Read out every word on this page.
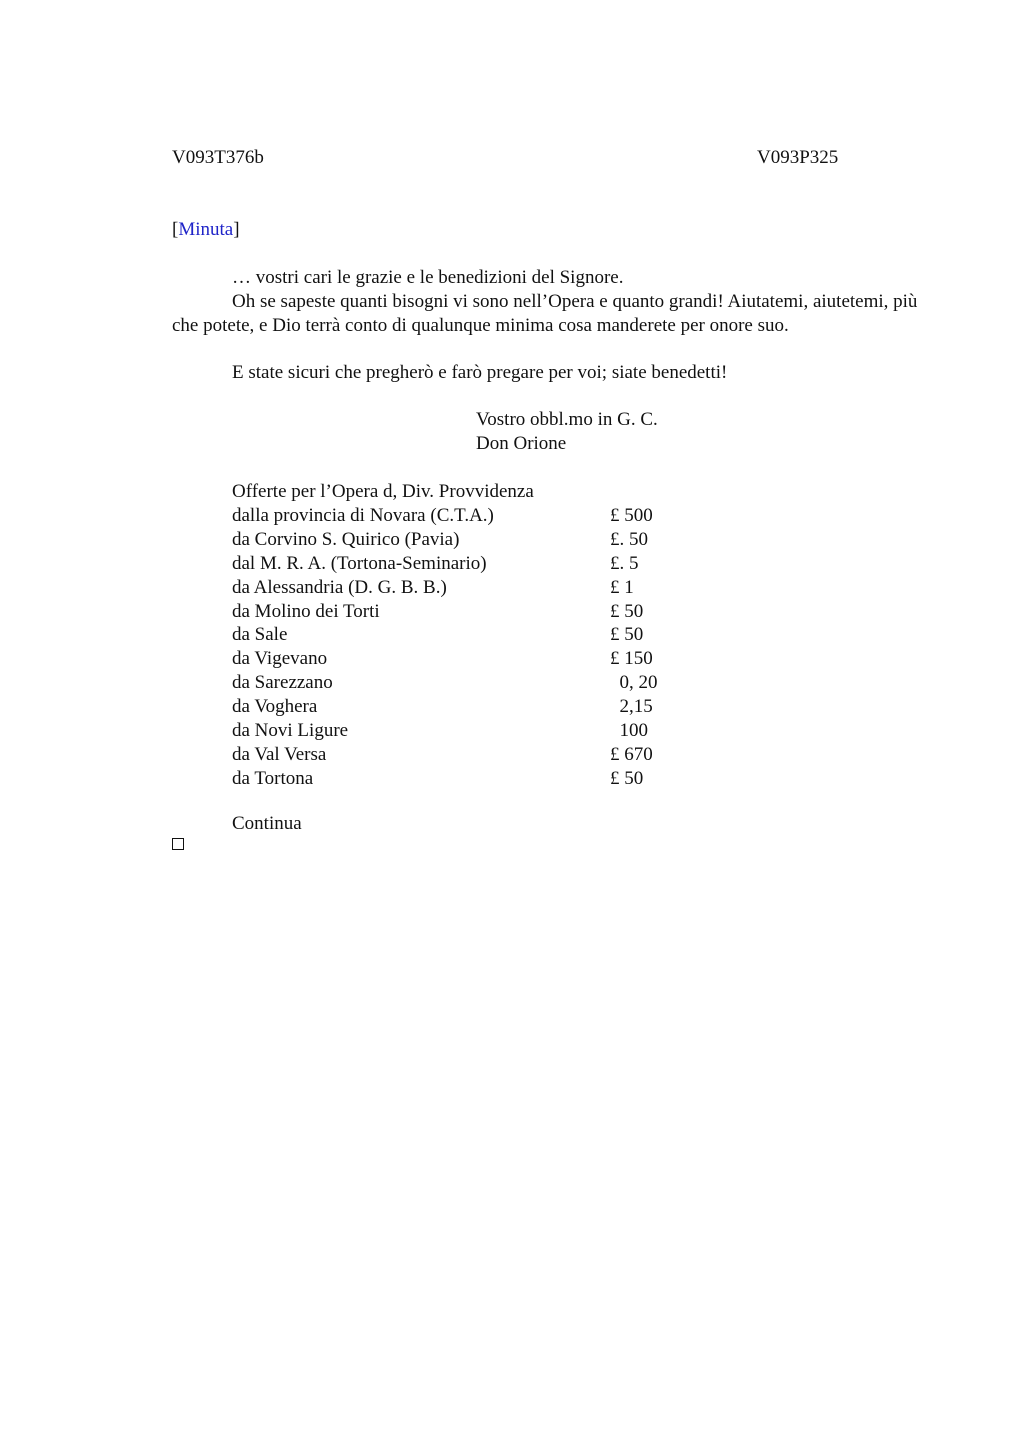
V093T376b	V093P325
[Minuta]

… vostri cari le grazie e le benedizioni del Signore.

Oh se sapeste quanti bisogni vi sono nell’Opera e quanto grandi! Aiutatemi, aiutetemi, più che potete, e Dio terrà conto di qualunque minima cosa manderete per onore suo.

E state sicuri che pregherò e farò pregare per voi; siate benedetti!

Vostro obbl.mo in G. C.
Don Orione
Offerte per l’Opera d, Div. Provvidenza
dalla provincia di Novara (C.T.A.)	£ 500
da Corvino S. Quirico (Pavia)	£. 50
dal M. R. A. (Tortona-Seminario)	£. 5
da Alessandria (D. G. B. B.)	£ 1
da Molino dei Torti	£ 50
da Sale	£ 50
da Vigevano	£ 150
da Sarezzano	0, 20
da Voghera	2,15
da Novi Ligure	100
da Val Versa	£ 670
da Tortona	£ 50
Continua
